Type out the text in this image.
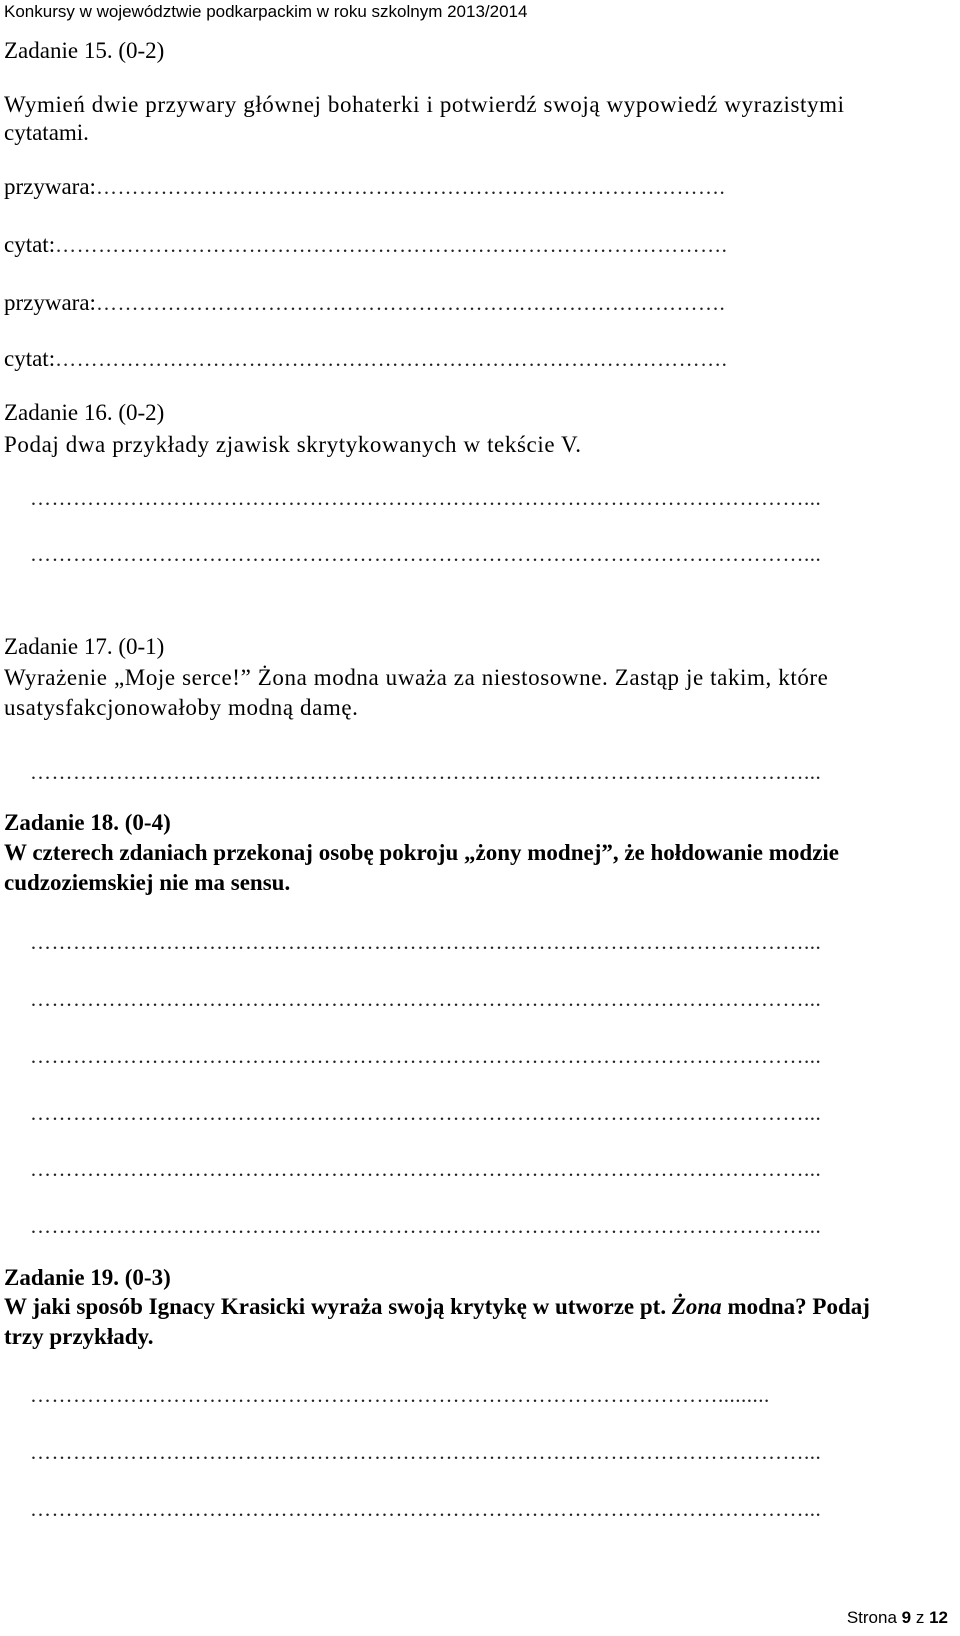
Konkursy w województwie podkarpackim w roku szkolnym 2013/2014
Zadanie 15. (0-2)
Wymień dwie przywary głównej bohaterki i potwierdź swoją wypowiedź wyrazistymi
cytatami.
przywara:…………………………………………………………………………….
cytat:………………………………………………………………………………….
przywara:…………………………………………………………………………….
cytat:………………………………………………………………………………….
Zadanie 16. (0-2)
Podaj dwa przykłady zjawisk skrytykowanych w tekście V.
………………………………………………………………………………………………...
………………………………………………………………………………………………...
Zadanie 17. (0-1)
Wyrażenie „Moje serce!” Żona modna uważa za niestosowne. Zastąp je takim, które
usatysfakcjonowałoby modną damę.
………………………………………………………………………………………………...
Zadanie 18. (0-4)
W czterech zdaniach przekonaj osobę pokroju „żony modnej”, że hołdowanie modzie
cudzoziemskiej nie ma sensu.
………………………………………………………………………………………………...
………………………………………………………………………………………………...
………………………………………………………………………………………………...
………………………………………………………………………………………………...
………………………………………………………………………………………………...
………………………………………………………………………………………………...
Zadanie 19. (0-3)
W jaki sposób Ignacy Krasicki wyraża swoją krytykę w utworze pt. Żona modna? Podaj
trzy przykłady.
…………………………………………………………………………………….........
………………………………………………………………………………………………...
………………………………………………………………………………………………...
Strona 9 z 12
